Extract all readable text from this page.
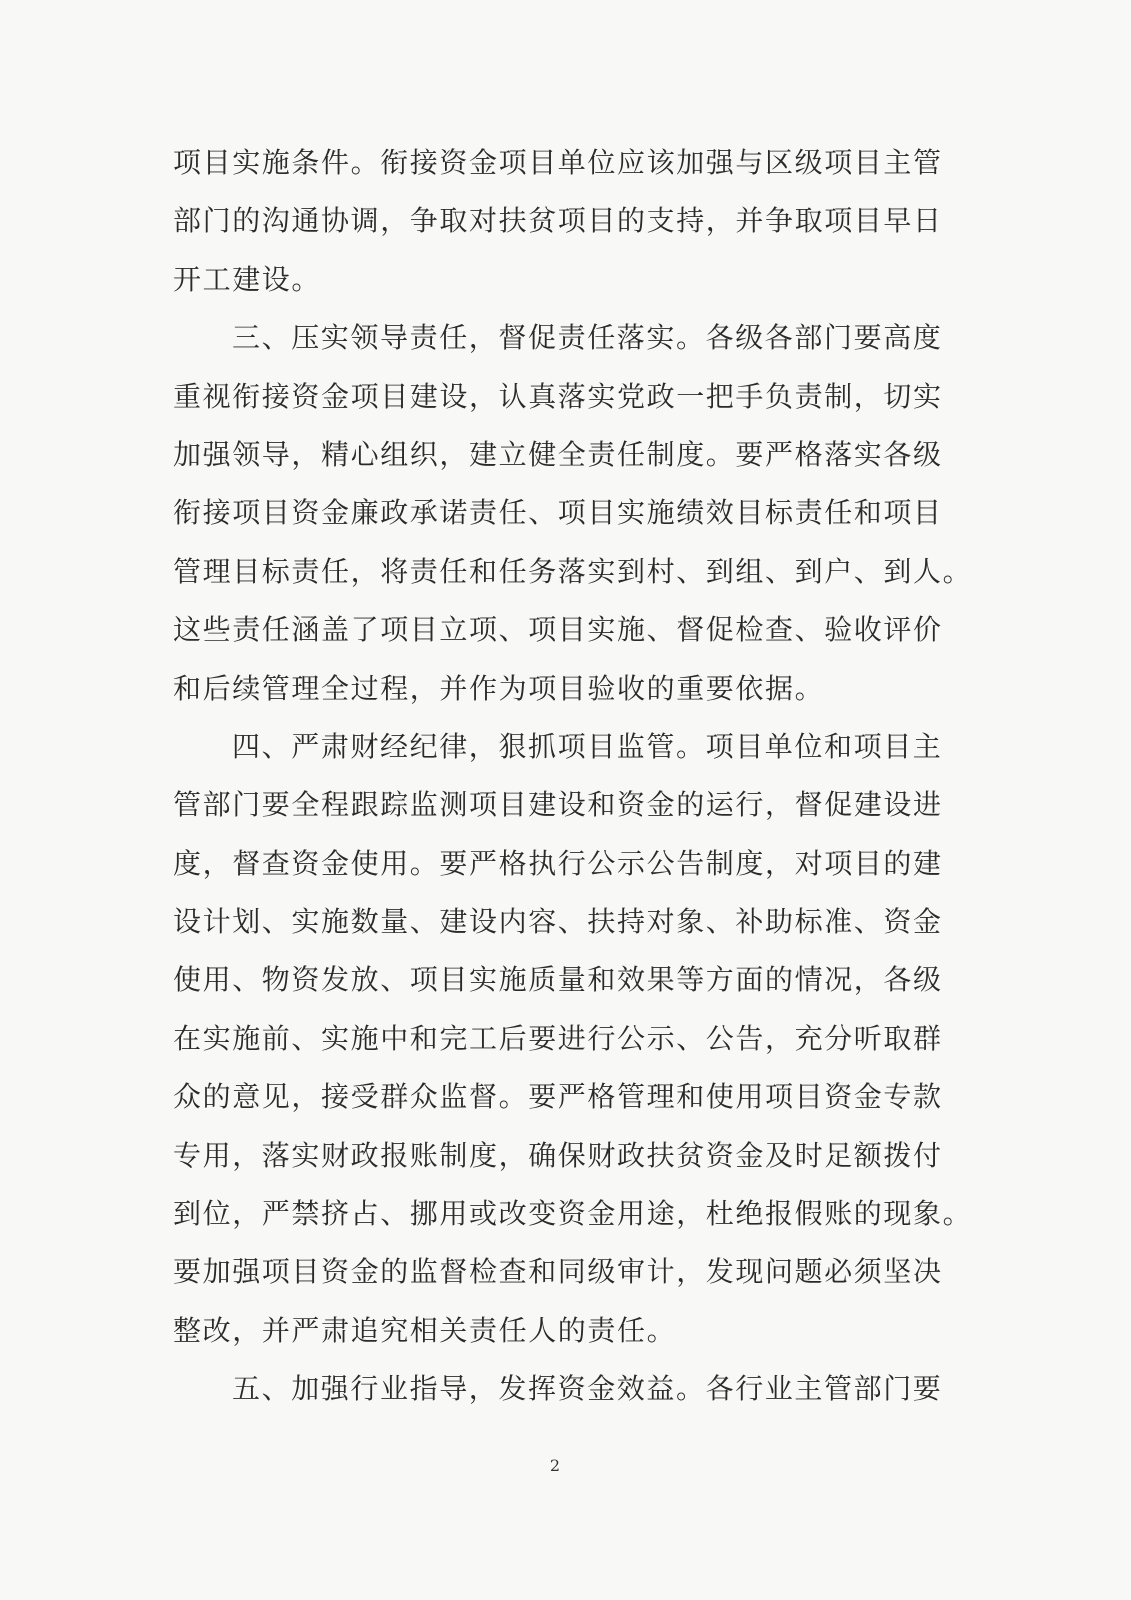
项目实施条件。衔接资金项目单位应该加强与区级项目主管
部门的沟通协调，争取对扶贫项目的支持，并争取项目早日
开工建设。
三、压实领导责任，督促责任落实。各级各部门要高度
重视衔接资金项目建设，认真落实党政一把手负责制，切实
加强领导，精心组织，建立健全责任制度。要严格落实各级
衔接项目资金廉政承诺责任、项目实施绩效目标责任和项目
管理目标责任，将责任和任务落实到村、到组、到户、到人。
这些责任涵盖了项目立项、项目实施、督促检查、验收评价
和后续管理全过程，并作为项目验收的重要依据。
四、严肃财经纪律，狠抓项目监管。项目单位和项目主
管部门要全程跟踪监测项目建设和资金的运行，督促建设进
度，督查资金使用。要严格执行公示公告制度，对项目的建
设计划、实施数量、建设内容、扶持对象、补助标准、资金
使用、物资发放、项目实施质量和效果等方面的情况，各级
在实施前、实施中和完工后要进行公示、公告，充分听取群
众的意见，接受群众监督。要严格管理和使用项目资金专款
专用，落实财政报账制度，确保财政扶贫资金及时足额拨付
到位，严禁挤占、挪用或改变资金用途，杜绝报假账的现象。
要加强项目资金的监督检查和同级审计，发现问题必须坚决
整改，并严肃追究相关责任人的责任。
五、加强行业指导，发挥资金效益。各行业主管部门要
2
